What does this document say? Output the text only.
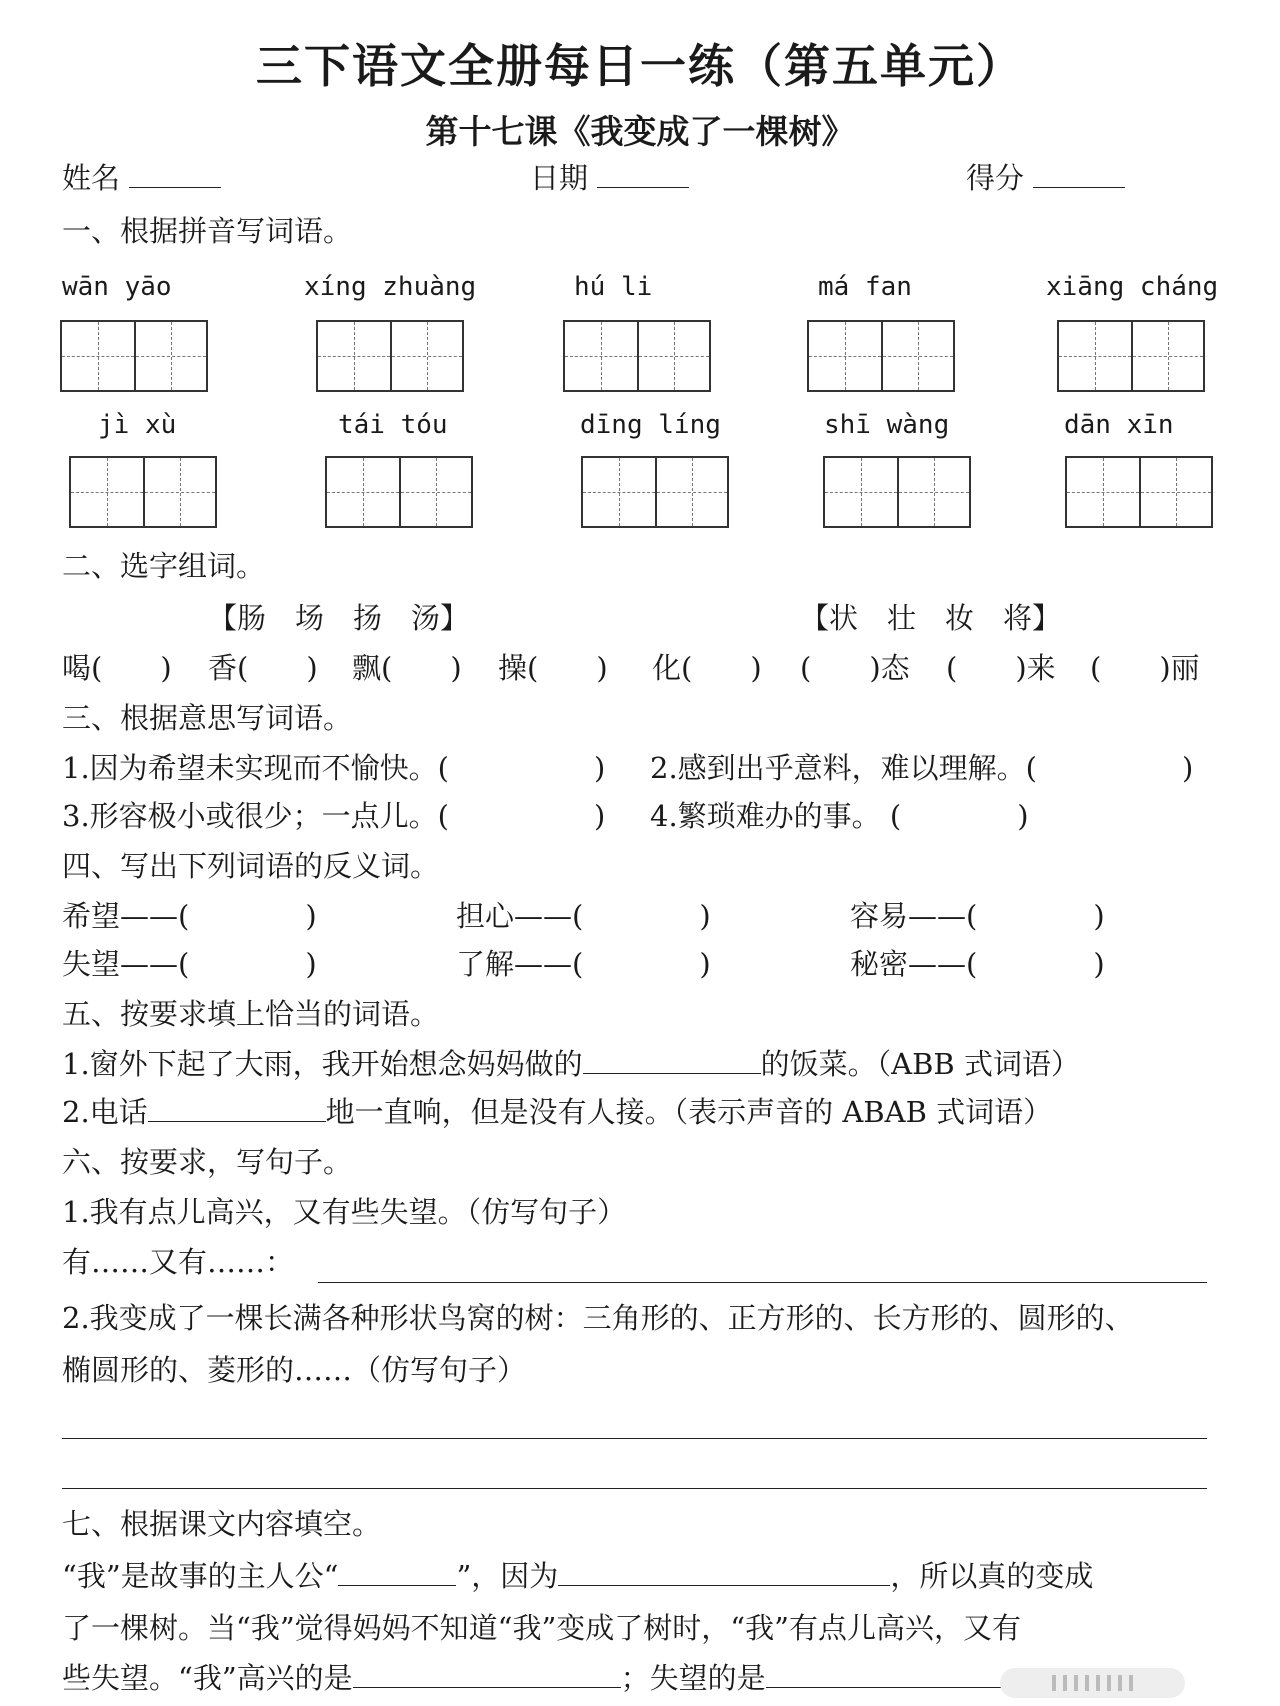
三下语文全册每日一练（第五单元）
第十七课《我变成了一棵树》
姓名	日期	得分
一、根据拼音写词语。
wān yāo	xíng zhuàng	hú li	má fan	xiāng cháng
jì xù	tái tóu	dīng líng	shī wàng	dān xīn
二、选字组词。
【肠　场　扬　汤】	【状　壮　妆　将】
喝(　　) 香(　　) 飘(　　) 操(　　) 化(　　) (　　)态 (　　)来 (　　)丽
三、根据意思写词语。
1.因为希望未实现而不愉快。(　　　　　) 2.感到出乎意料，难以理解。(　　　　　)
3.形容极小或很少；一点儿。(　　　　　) 4.繁琐难办的事。 (　　　　)
四、写出下列词语的反义词。
希望——(　　　　)	担心——(　　　　)	容易——(　　　　)
失望——(　　　　)	了解——(　　　　)	秘密——(　　　　)
五、按要求填上恰当的词语。
1.窗外下起了大雨，我开始想念妈妈做的	的饭菜。（ABB 式词语）
2.电话	地一直响，但是没有人接。（表示声音的 ABAB 式词语）
六、按要求，写句子。
1.我有点儿高兴，又有些失望。（仿写句子）
有……又有……：
2.我变成了一棵长满各种形状鸟窝的树：三角形的、正方形的、长方形的、圆形的、
椭圆形的、菱形的……（仿写句子）
七、根据课文内容填空。
“我”是故事的主人公“	”，因为	，所以真的变成
了一棵树。当“我”觉得妈妈不知道“我”变成了树时，“我”有点儿高兴，又有
些失望。“我”高兴的是	；失望的是
